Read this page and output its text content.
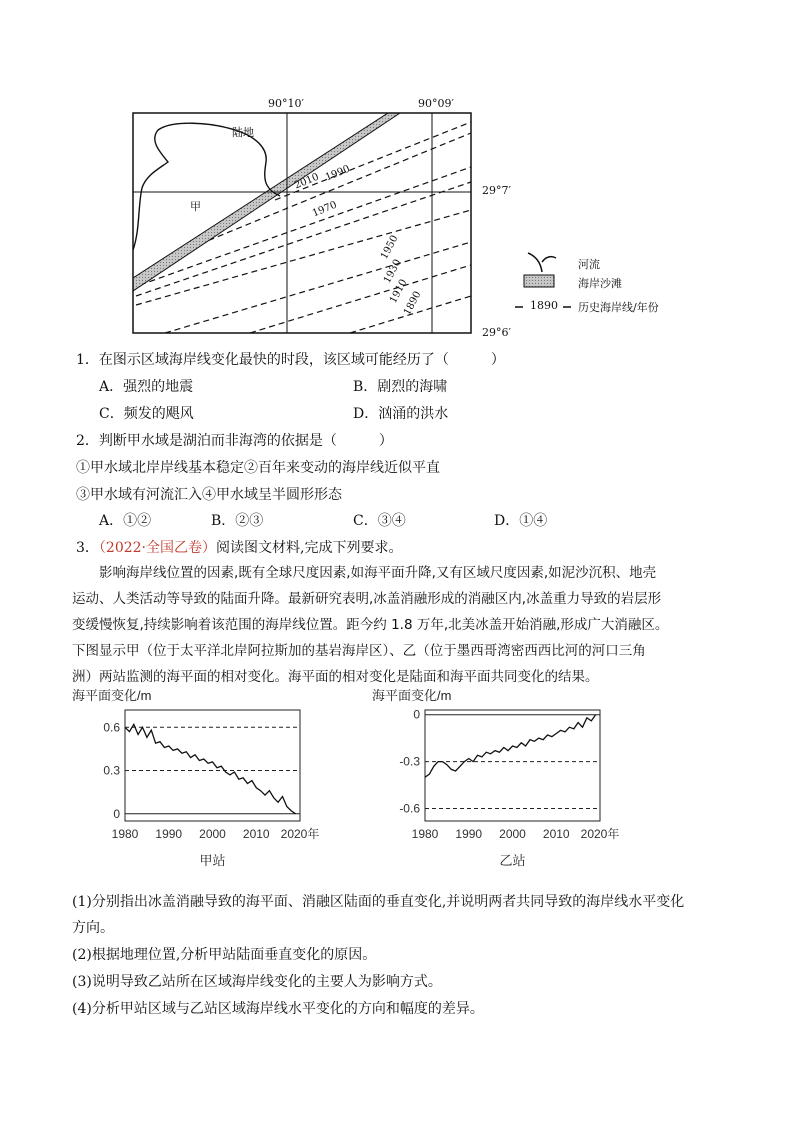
90°10′	90°09′
29°7′
29°6′
陆地
甲
2010 1990
1970
1950
1930
1910
1890
河流
海岸沙滩
1890 历史海岸线/年份
1．在图示区域海岸线变化最快的时段，该区域可能经历了（　　　）
A．强烈的地震	B．剧烈的海啸
C．频发的飓风	D．汹涌的洪水
2．判断甲水域是湖泊而非海湾的依据是（　　　）
①甲水域北岸岸线基本稳定②百年来变动的海岸线近似平直
③甲水域有河流汇入④甲水域呈半圆形形态
A．①②	B．②③	C．③④	D．①④
3．（2022·全国乙卷）阅读图文材料,完成下列要求。
影响海岸线位置的因素,既有全球尺度因素,如海平面升降,又有区域尺度因素,如泥沙沉积、地壳
运动、人类活动等导致的陆面升降。最新研究表明,冰盖消融形成的消融区内,冰盖重力导致的岩层形
变缓慢恢复,持续影响着该范围的海岸线位置。距今约 1.8 万年,北美冰盖开始消融,形成广大消融区。
下图显示甲（位于太平洋北岸阿拉斯加的基岩海岸区）、乙（位于墨西哥湾密西西比河的河口三角
洲）两站监测的海平面的相对变化。海平面的相对变化是陆面和海平面共同变化的结果。
海平面变化/m
0.6
0.3
0
1980 1990 2000 2010 2020年
甲站
海平面变化/m
0
-0.3
-0.6
1980 1990 2000 2010 2020年
乙站
(1)分别指出冰盖消融导致的海平面、消融区陆面的垂直变化,并说明两者共同导致的海岸线水平变化
方向。
(2)根据地理位置,分析甲站陆面垂直变化的原因。
(3)说明导致乙站所在区域海岸线变化的主要人为影响方式。
(4)分析甲站区域与乙站区域海岸线水平变化的方向和幅度的差异。
